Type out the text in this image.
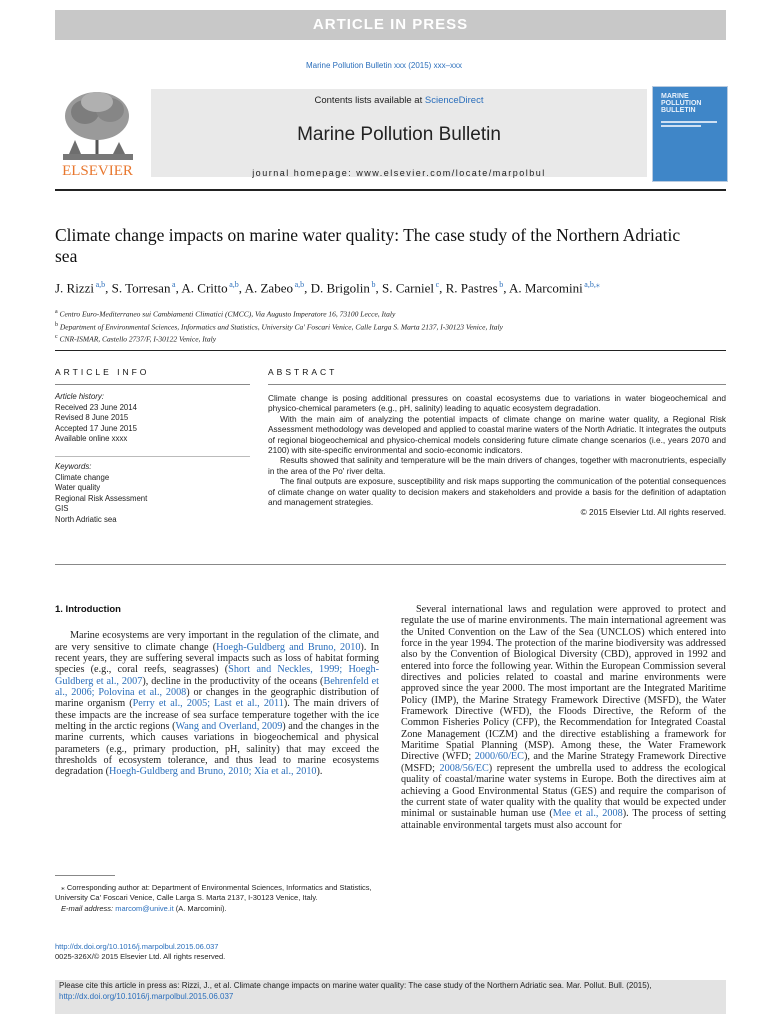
ARTICLE IN PRESS
Marine Pollution Bulletin xxx (2015) xxx–xxx
ELSEVIER
Contents lists available at ScienceDirect
Marine Pollution Bulletin
journal homepage: www.elsevier.com/locate/marpolbul
MARINE POLLUTION BULLETIN
Climate change impacts on marine water quality: The case study of the Northern Adriatic sea
J. Rizzi $^{a,b}$, S. Torresan $^a$, A. Critto $^{a,b}$, A. Zabeo $^{a,b}$, D. Brigolin $^b$, S. Carniel $^c$, R. Pastres $^b$, A. Marcomini $^{a,b,⁎}$
$^a$ Centro Euro-Mediterraneo sui Cambiamenti Climatici (CMCC), Via Augusto Imperatore 16, 73100 Lecce, Italy
$^b$ Department of Environmental Sciences, Informatics and Statistics, University Ca' Foscari Venice, Calle Larga S. Marta 2137, I-30123 Venice, Italy
$^c$ CNR-ISMAR, Castello 2737/F, I-30122 Venice, Italy
ARTICLE INFO	ABSTRACT
Article history:
Received 23 June 2014
Revised 8 June 2015
Accepted 17 June 2015
Available online xxxx
Keywords:
Climate change
Water quality
Regional Risk Assessment
GIS
North Adriatic sea

Climate change is posing additional pressures on coastal ecosystems due to variations in water biogeochemical and physico-chemical parameters (e.g., pH, salinity) leading to aquatic ecosystem degradation.

With the main aim of analyzing the potential impacts of climate change on marine water quality, a Regional Risk Assessment methodology was developed and applied to coastal marine waters of the North Adriatic. It integrates the outputs of regional biogeochemical and physico-chemical models considering future climate change scenarios (i.e., years 2070 and 2100) with site-specific environmental and socio-economic indicators.

Results showed that salinity and temperature will be the main drivers of changes, together with macronutrients, especially in the area of the Po' river delta.

The final outputs are exposure, susceptibility and risk maps supporting the communication of the potential consequences of climate change on water quality to decision makers and stakeholders and provide a basis for the definition of adaptation and management strategies.

© 2015 Elsevier Ltd. All rights reserved.

1. Introduction

Marine ecosystems are very important in the regulation of the climate, and are very sensitive to climate change (Hoegh-Guldberg and Bruno, 2010). In recent years, they are suffering several impacts such as loss of habitat forming species (e.g., coral reefs, seagrasses) (Short and Neckles, 1999; Hoegh-Guldberg et al., 2007), decline in the productivity of the oceans (Behrenfeld et al., 2006; Polovina et al., 2008) or changes in the geographic distribution of marine organism (Perry et al., 2005; Last et al., 2011). The main drivers of these impacts are the increase of sea surface temperature together with the ice melting in the arctic regions (Wang and Overland, 2009) and the changes in the marine currents, which causes variations in biogeochemical and physical parameters (e.g., primary production, pH, salinity) that may exceed the thresholds of ecosystem tolerance, and thus lead to marine ecosystems degradation (Hoegh-Guldberg and Bruno, 2010; Xia et al., 2010).

Several international laws and regulation were approved to protect and regulate the use of marine environments. The main international agreement was the United Convention on the Law of the Sea (UNCLOS) which entered into force in the year 1994. The protection of the marine biodiversity was addressed also by the Convention of Biological Diversity (CBD), approved in 1992 and entered into force the following year. Within the European Commission several directives and policies related to coastal and marine environments were approved since the year 2000. The most important are the Integrated Maritime Policy (IMP), the Marine Strategy Framework Directive (MSFD), the Water Framework Directive (WFD), the Floods Directive, the Reform of the Common Fisheries Policy (CFP), the Recommendation for Integrated Coastal Zone Management (ICZM) and the directive establishing a framework for Maritime Spatial Planning (MSP). Among these, the Water Framework Directive (WFD; 2000/60/EC), and the Marine Strategy Framework Directive (MSFD; 2008/56/EC) represent the umbrella used to address the ecological quality of coastal/marine water systems in Europe. Both the directives aim at achieving a Good Environmental Status (GES) and require the comparison of the current state of water quality with the quality that would be expected under minimal or sustainable human use (Mee et al., 2008). The process of setting attainable environmental targets must also account for

⁎ Corresponding author at: Department of Environmental Sciences, Informatics and Statistics, University Ca' Foscari Venice, Calle Larga S. Marta 2137, I-30123 Venice, Italy.

E-mail address: marcom@unive.it (A. Marcomini).

http://dx.doi.org/10.1016/j.marpolbul.2015.06.037
0025-326X/© 2015 Elsevier Ltd. All rights reserved.
Please cite this article in press as: Rizzi, J., et al. Climate change impacts on marine water quality: The case study of the Northern Adriatic sea. Mar. Pollut. Bull. (2015), http://dx.doi.org/10.1016/j.marpolbul.2015.06.037
